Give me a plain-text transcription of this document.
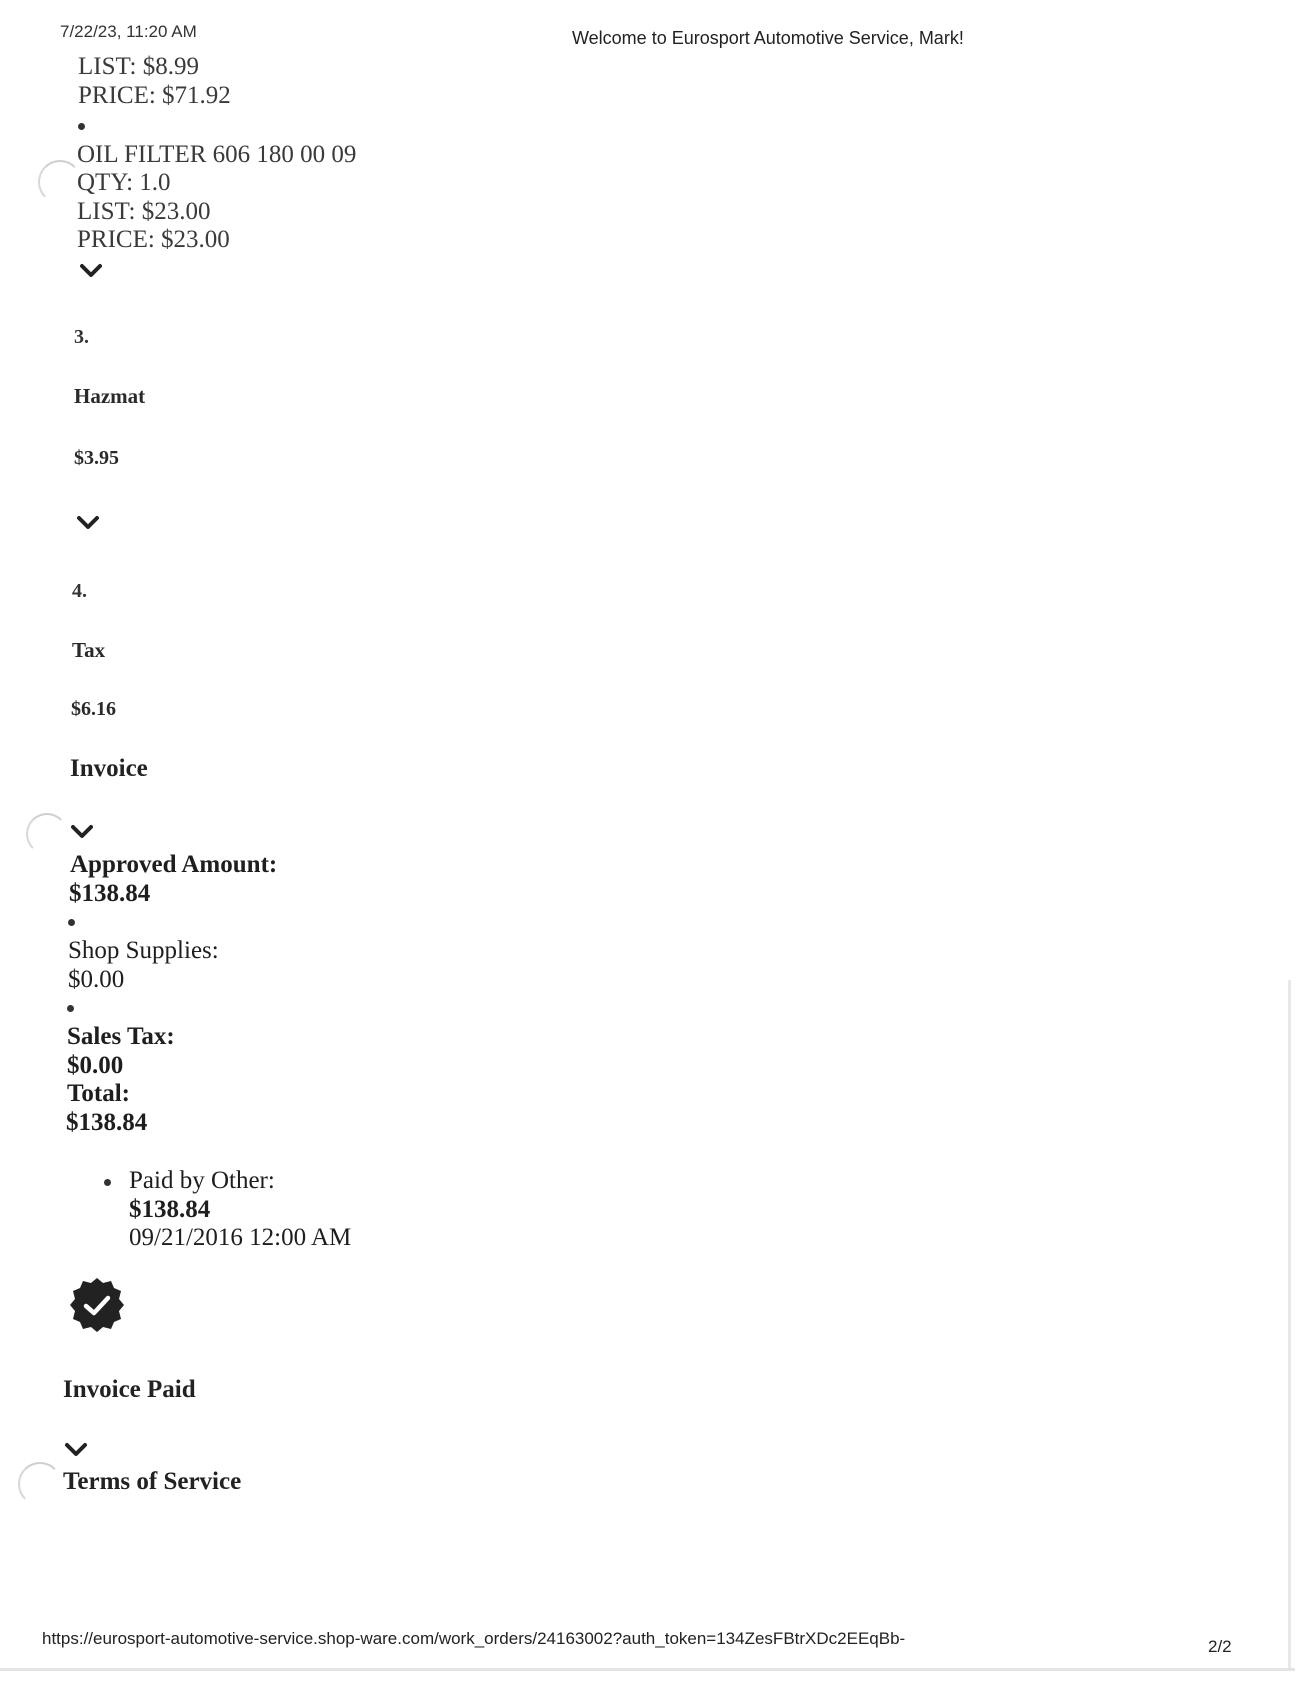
7/22/23, 11:20 AM	Welcome to Eurosport Automotive Service, Mark!
LIST: $8.99
PRICE: $71.92
OIL FILTER 606 180 00 09
QTY: 1.0
LIST: $23.00
PRICE: $23.00
3.
Hazmat
$3.95
4.
Tax
$6.16
Invoice
Approved Amount:
$138.84
Shop Supplies:
$0.00
Sales Tax:
$0.00
Total:
$138.84
Paid by Other:
$138.84
09/21/2016 12:00 AM
Invoice Paid
Terms of Service
https://eurosport-automotive-service.shop-ware.com/work_orders/24163002?auth_token=134ZesFBtrXDc2EEqBb-	2/2
